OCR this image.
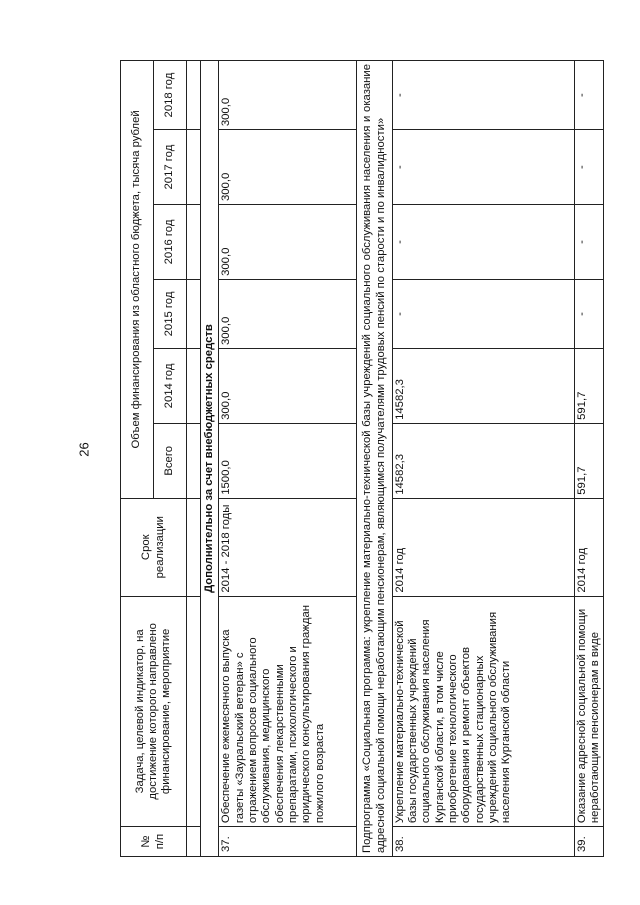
26
№ п/п	Задача, целевой индикатор, на достижение которого направлено финансирование, мероприятие	Срок реализации	Объем финансирования из областного бюджета, тысяча рублей					
			Всего	2014 год	2015 год	2016 год	2017 год	2018 год

Дополнительно за счет внебюджетных средств								
37.	Обеспечение ежемесячного выпуска газеты «Зауральский ветеран» с отражением вопросов социального обслуживания, медицинского обеспечения лекарственными препаратами, психологического и юридического консультирования граждан пожилого возраста	2014 - 2018 годы	1500,0	300,0	300,0	300,0	300,0	300,0
Подпрограмма «Социальная программа: укрепление материально-технической базы учреждений социального обслуживания населения и оказание адресной социальной помощи неработающим пенсионерам, являющимся получателями трудовых пенсий по старости и по инвалидности»								
38.	Укрепление материально-технической базы государственных учреждений социального обслуживания населения Курганской области, в том числе приобретение технологического оборудования и ремонт объектов государственных стационарных учреждений социального обслуживания населения Курганской области	2014 год	14582,3	14582,3	-	-	-	-
39.	Оказание адресной социальной помощи неработающим пенсионерам в виде	2014 год	591,7	591,7	-	-	-	-
